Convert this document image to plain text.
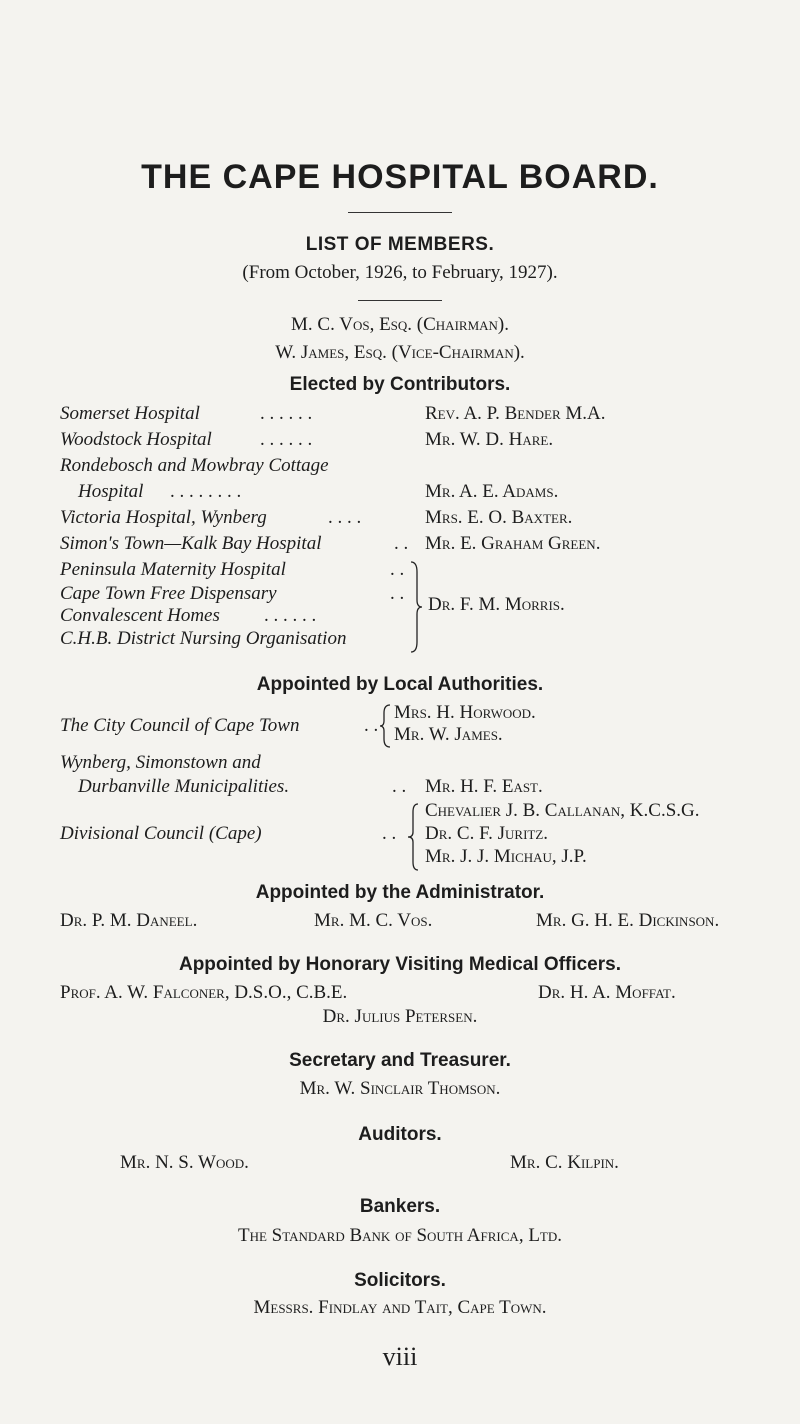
THE CAPE HOSPITAL BOARD.
LIST OF MEMBERS.
(From October, 1926, to February, 1927).
M. C. Vos, Esq. (Chairman).
W. James, Esq. (Vice-Chairman).
Elected by Contributors.
Somerset Hospital	. . . . . .	Rev. A. P. Bender M.A.
Woodstock Hospital	. . . . . .	Mr. W. D. Hare.
Rondebosch and Mowbray Cottage
Hospital . . . . . . . .	Mr. A. E. Adams.
Victoria Hospital, Wynberg	. . . .	Mrs. E. O. Baxter.
Simon's Town—Kalk Bay Hospital	. . Mr. E. Graham Green.
Peninsula Maternity Hospital	. .
Cape Town Free Dispensary	. .
Convalescent Homes . . . . . .
C.H.B. District Nursing Organisation
Dr. F. M. Morris.
Appointed by Local Authorities.
The City Council of Cape Town	. .
Mrs. H. Horwood.
Mr. W. James.
Wynberg, Simonstown and
Durbanville Municipalities.	. . Mr. H. F. East.
Divisional Council (Cape)	. .
Chevalier J. B. Callanan, K.C.S.G.
Dr. C. F. Juritz.
Mr. J. J. Michau, J.P.
Appointed by the Administrator.
Dr. P. M. Daneel.	Mr. M. C. Vos.	Mr. G. H. E. Dickinson.
Appointed by Honorary Visiting Medical Officers.
Prof. A. W. Falconer, D.S.O., C.B.E.	Dr. H. A. Moffat.
Dr. Julius Petersen.
Secretary and Treasurer.
Mr. W. Sinclair Thomson.
Auditors.
Mr. N. S. Wood.	Mr. C. Kilpin.
Bankers.
The Standard Bank of South Africa, Ltd.
Solicitors.
Messrs. Findlay and Tait, Cape Town.
viii
